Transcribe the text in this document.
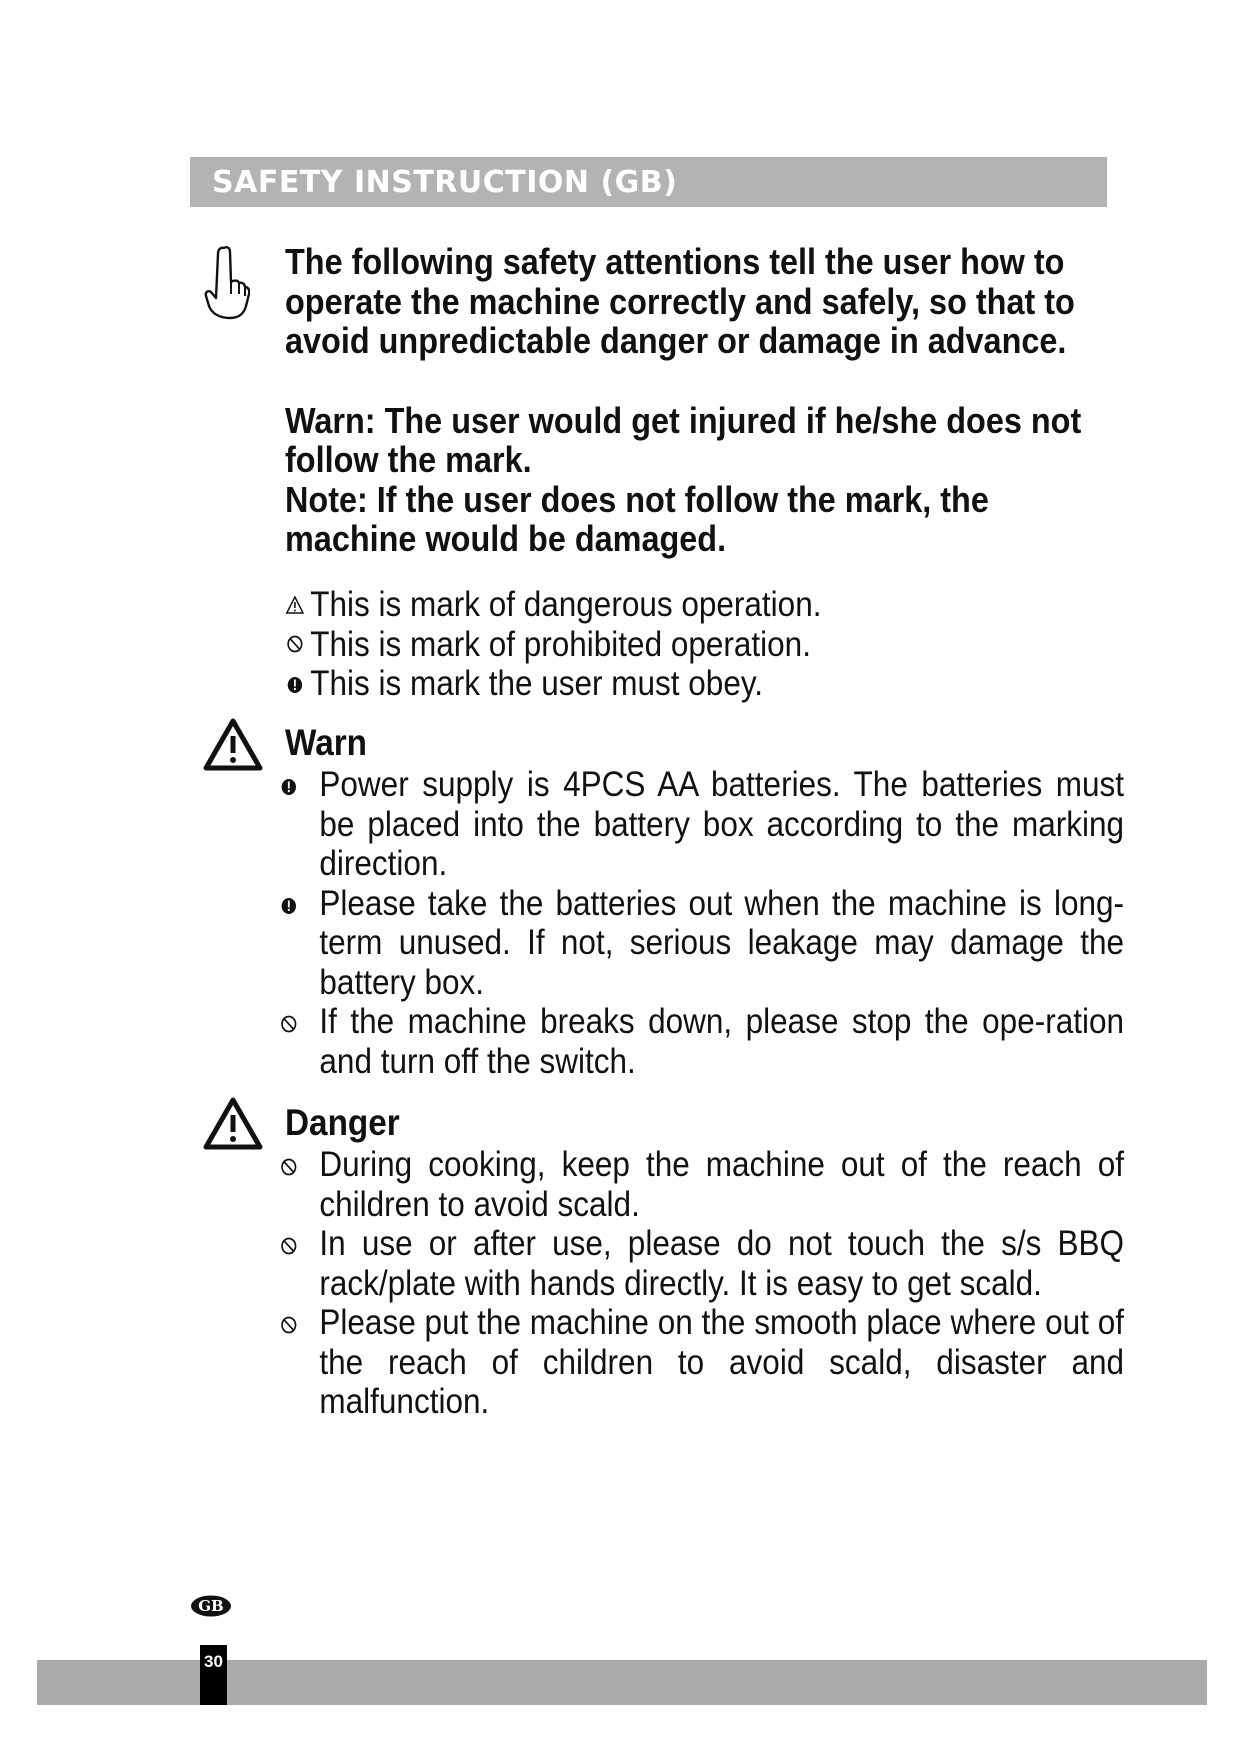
SAFETY INSTRUCTION (GB)

The following safety attentions tell the user how to operate the machine correctly and safely, so that to avoid unpredictable danger or damage in advance.

Warn: The user would get injured if he/she does not follow the mark.

Note: If the user does not follow the mark, the machine would be damaged.

This is mark of dangerous operation.
This is mark of prohibited operation.
This is mark the user must obey.
Warn

Power supply is 4PCS AA batteries. The batteries must be placed into the battery box according to the marking direction.

Please take the batteries out when the machine is long-term unused. If not, serious leakage may damage the battery box.

If the machine breaks down, please stop the ope-ration and turn off the switch.

Danger

During cooking, keep the machine out of the reach of children to avoid scald.

In use or after use, please do not touch the s/s BBQ rack/plate with hands directly. It is easy to get scald.

Please put the machine on the smooth place where out of the reach of children to avoid scald, disaster and malfunction.

GB
30
